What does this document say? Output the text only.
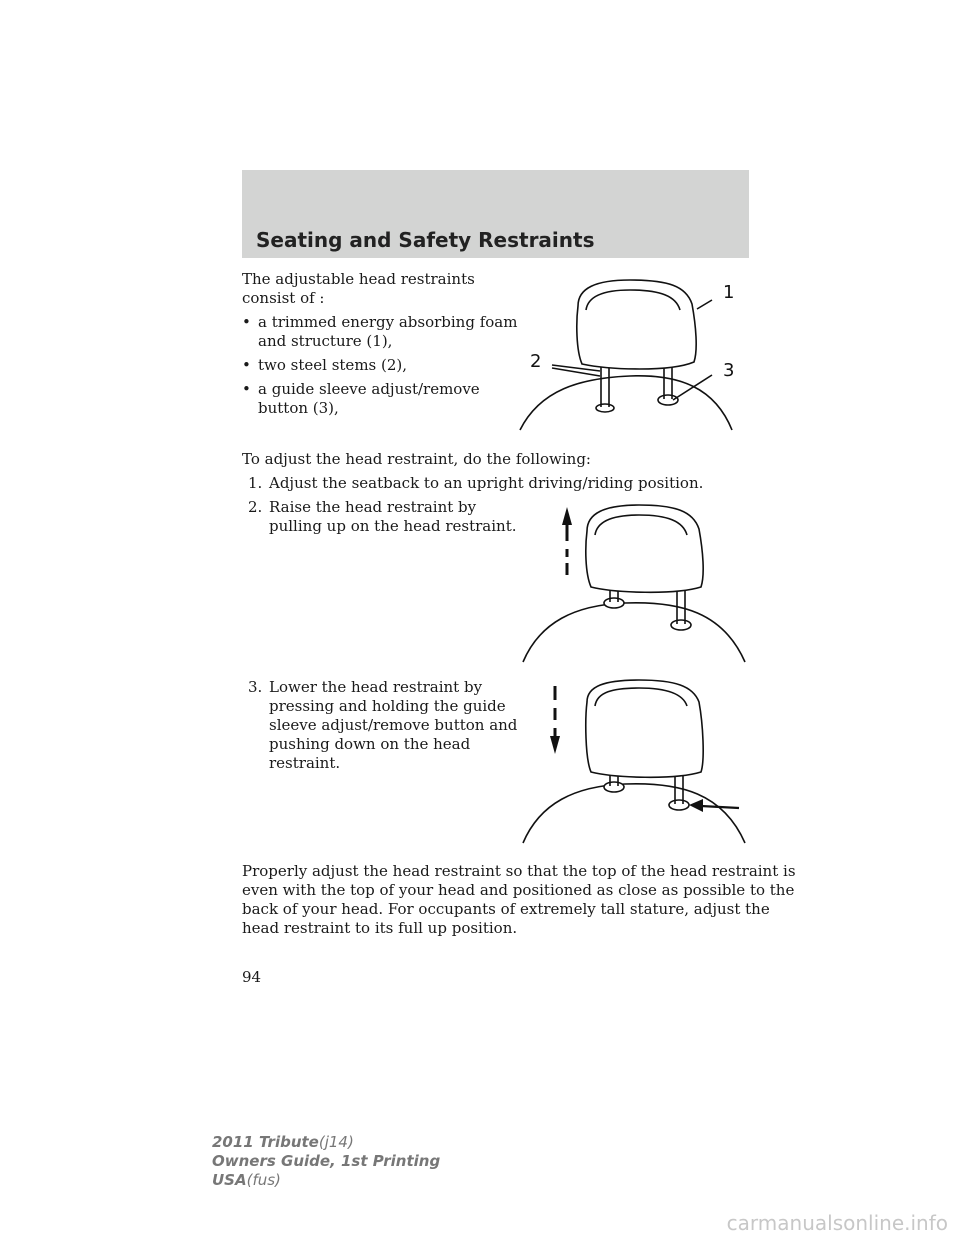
Seating and Safety Restraints
The adjustable head restraints
consist of :
• a trimmed energy absorbing foam
and structure (1),
• two steel stems (2),
• a guide sleeve adjust/remove
button (3),
To adjust the head restraint, do the following:
1. Adjust the seatback to an upright driving/riding position.
2. Raise the head restraint by
pulling up on the head restraint.
3. Lower the head restraint by
pressing and holding the guide
sleeve adjust/remove button and
pushing down on the head
restraint.
Properly adjust the head restraint so that the top of the head restraint is
even with the top of your head and positioned as close as possible to the
back of your head. For occupants of extremely tall stature, adjust the
head restraint to its full up position.
94
1
2	3
2011 Tribute(j14)
Owners Guide, 1st Printing
USA(fus)
carmanualsonline.info
